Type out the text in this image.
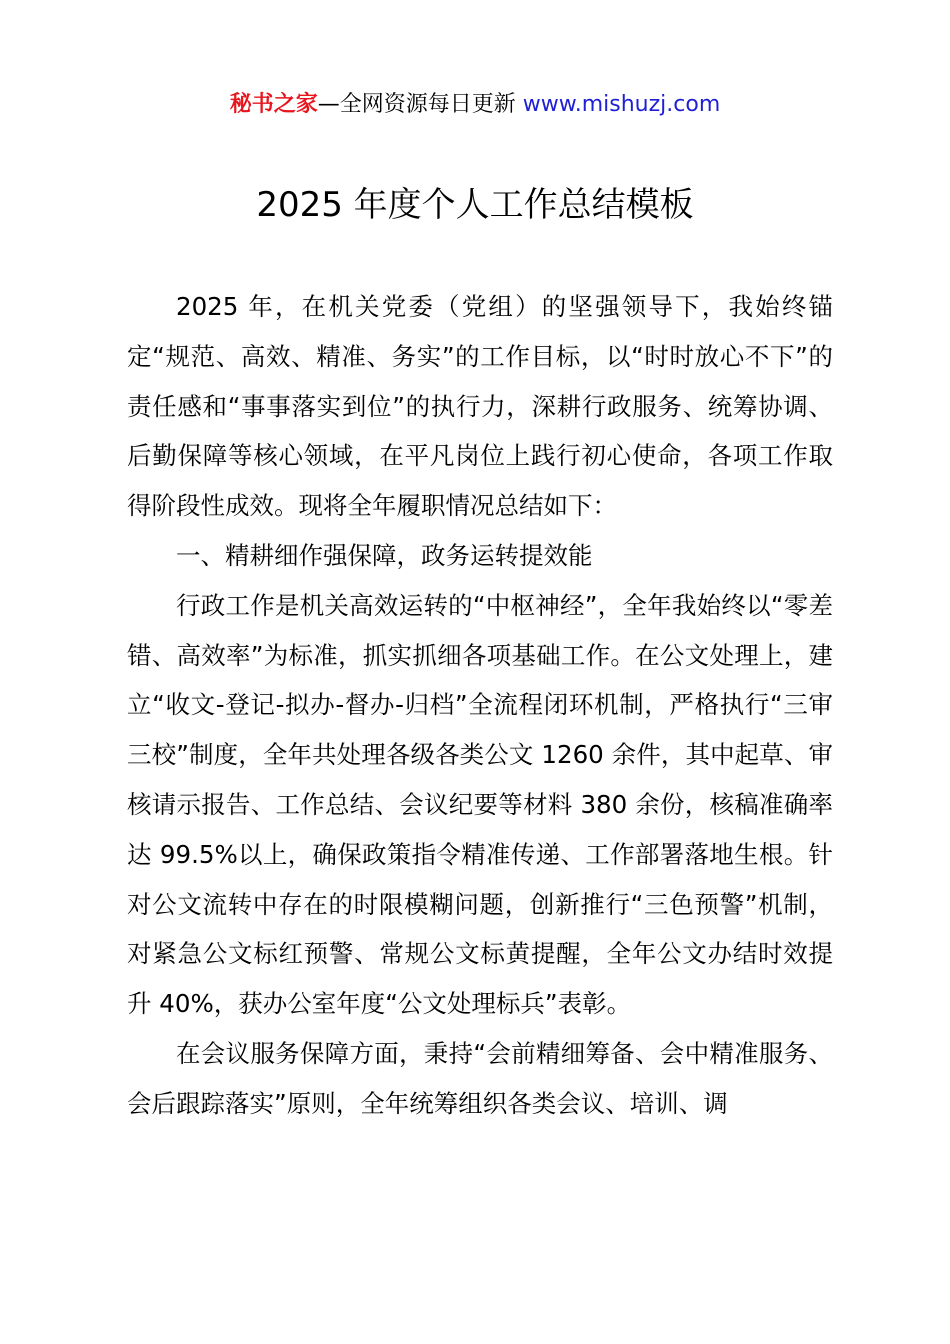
秘书之家—全网资源每日更新 www.mishuzj.com
2025 年度个人工作总结模板

2025 年，在机关党委（党组）的坚强领导下，我始终锚定“规范、高效、精准、务实”的工作目标，以“时时放心不下”的责任感和“事事落实到位”的执行力，深耕行政服务、统筹协调、后勤保障等核心领域，在平凡岗位上践行初心使命，各项工作取得阶段性成效。现将全年履职情况总结如下：

一、精耕细作强保障，政务运转提效能

行政工作是机关高效运转的“中枢神经”，全年我始终以“零差错、高效率”为标准，抓实抓细各项基础工作。在公文处理上，建立“收文-登记-拟办-督办-归档”全流程闭环机制，严格执行“三审三校”制度，全年共处理各级各类公文 1260 余件，其中起草、审核请示报告、工作总结、会议纪要等材料 380 余份，核稿准确率达 99.5%以上，确保政策指令精准传递、工作部署落地生根。针对公文流转中存在的时限模糊问题，创新推行“三色预警”机制，对紧急公文标红预警、常规公文标黄提醒，全年公文办结时效提升 40%，获办公室年度“公文处理标兵”表彰。

在会议服务保障方面，秉持“会前精细筹备、会中精准服务、会后跟踪落实”原则，全年统筹组织各类会议、培训、调
